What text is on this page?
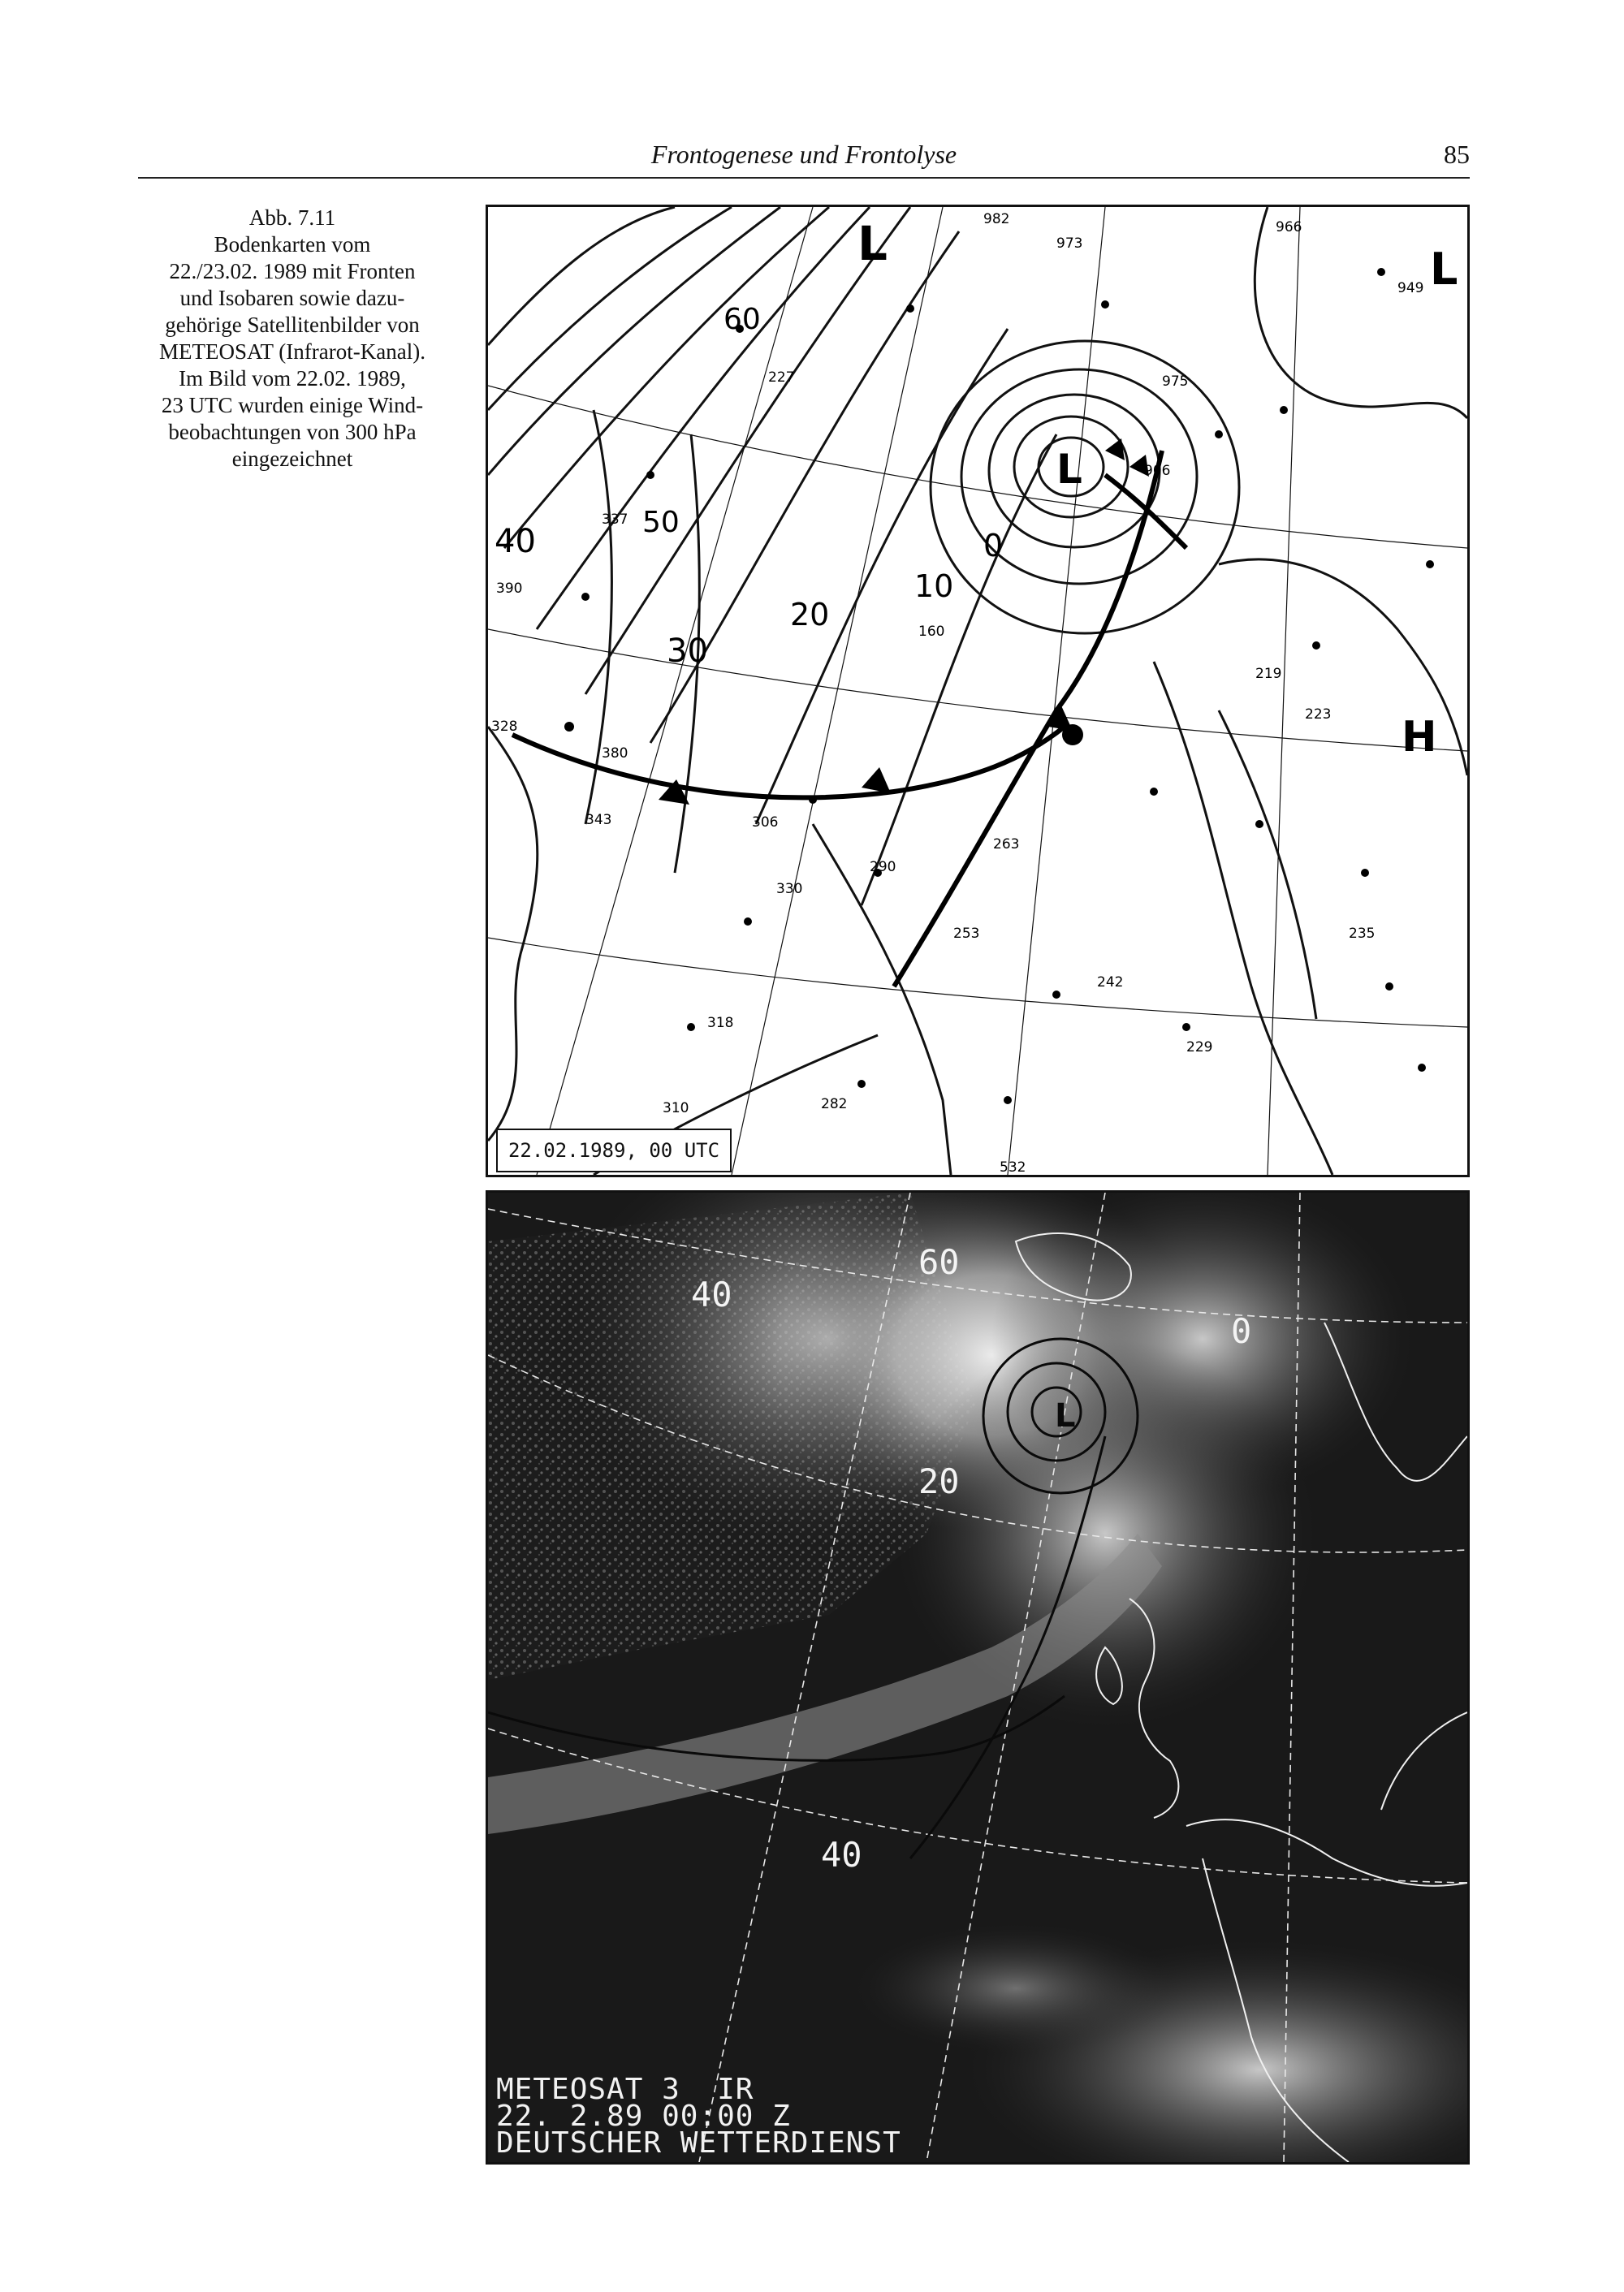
Frontogenese und Frontolyse	85
Abb. 7.11
Bodenkarten vom
22./23.02. 1989 mit Fronten
und Isobaren sowie dazu-
gehörige Satellitenbilder von
METEOSAT (Infrarot-Kanal).
Im Bild vom 22.02. 1989,
23 UTC wurden einige Wind-
beobachtungen von 300 hPa
eingezeichnet
L
L
L
H
60
50
40	0
10
20
30
40
982
973
966
949
975
906
337
390
328
380
306
290
330
253
318
310	282
235
223
219
263
242
229
160
227
343
532
22.02.1989, 00 UTC
40
60
0
20
40
L
METEOSAT 3  IR
22. 2.89 00:00 Z
DEUTSCHER WETTERDIENST
